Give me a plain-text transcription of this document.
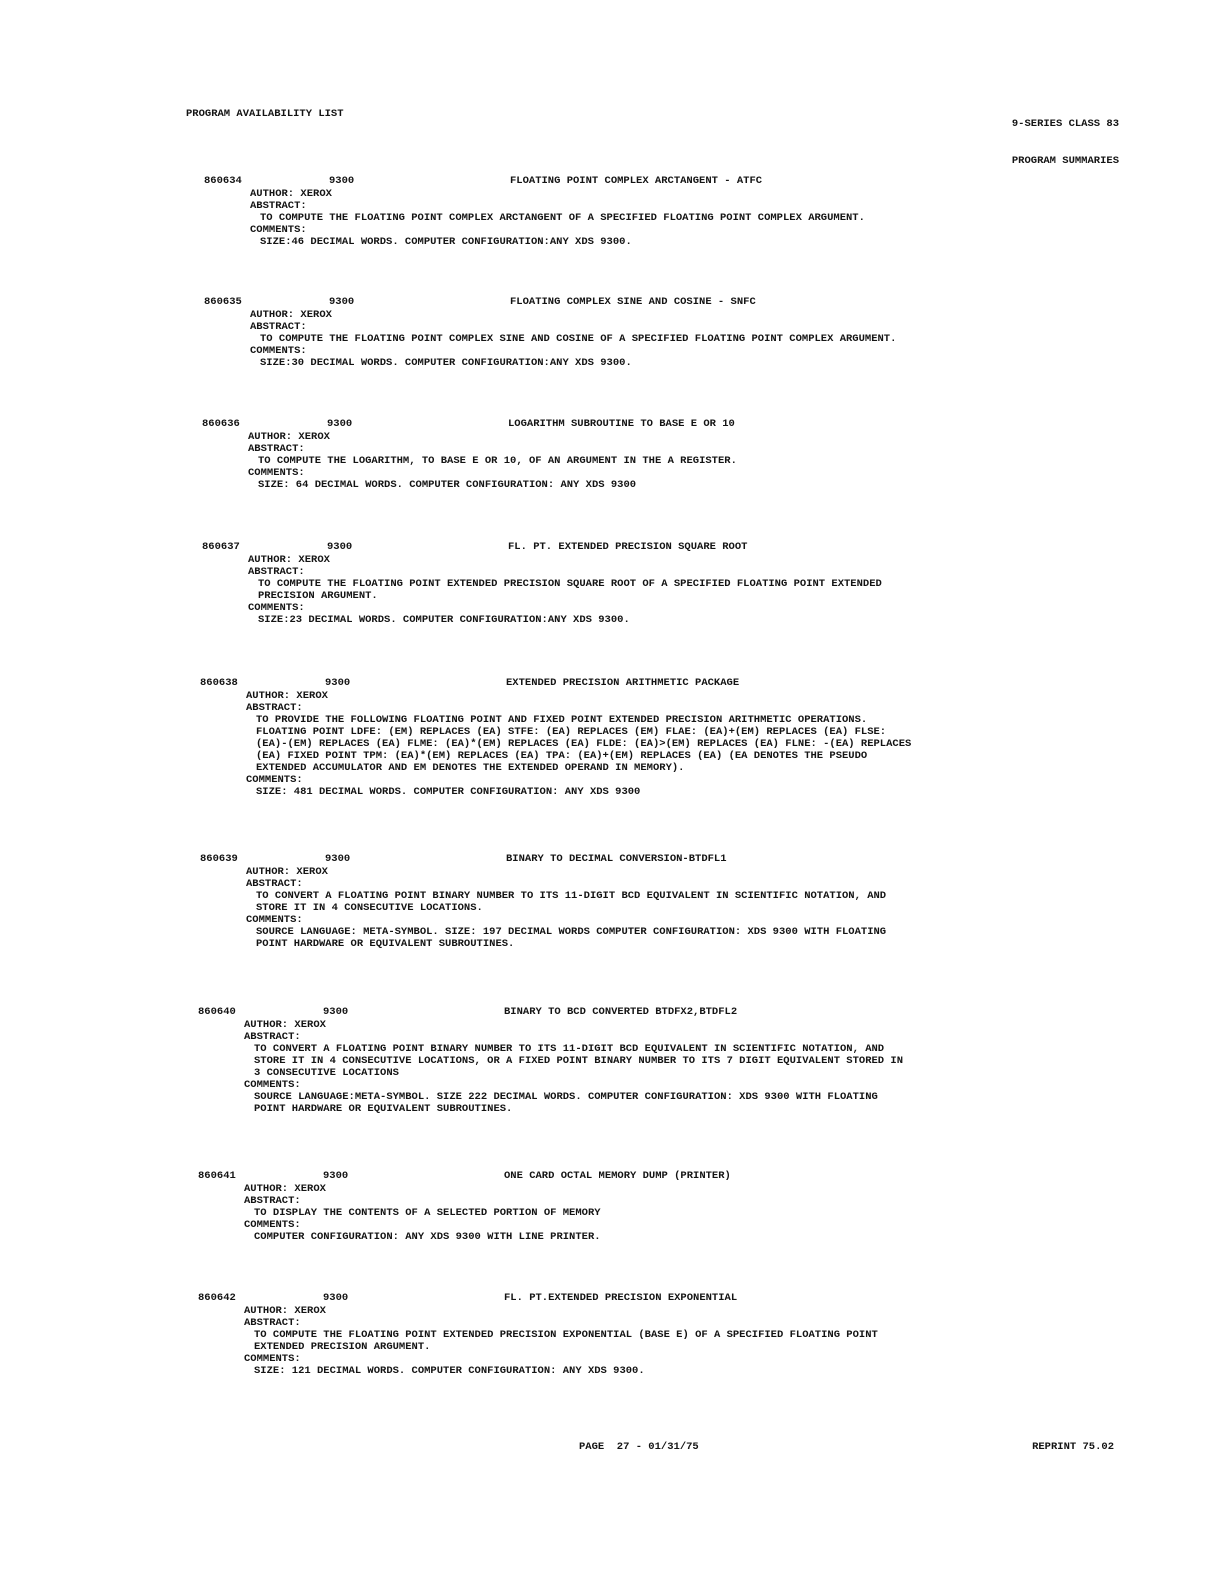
PROGRAM AVAILABILITY LIST

9-SERIES CLASS 83

PROGRAM SUMMARIES

860634	9300	FLOATING POINT COMPLEX ARCTANGENT - ATFC
AUTHOR: XEROX
ABSTRACT:
TO COMPUTE THE FLOATING POINT COMPLEX ARCTANGENT OF A SPECIFIED FLOATING POINT COMPLEX ARGUMENT.
COMMENTS:
SIZE:46 DECIMAL WORDS. COMPUTER CONFIGURATION:ANY XDS 9300.
860635	9300	FLOATING COMPLEX SINE AND COSINE - SNFC
AUTHOR: XEROX
ABSTRACT:
TO COMPUTE THE FLOATING POINT COMPLEX SINE AND COSINE OF A SPECIFIED FLOATING POINT COMPLEX ARGUMENT.
COMMENTS:
SIZE:30 DECIMAL WORDS. COMPUTER CONFIGURATION:ANY XDS 9300.
860636	9300	LOGARITHM SUBROUTINE TO BASE E OR 10
AUTHOR: XEROX
ABSTRACT:
TO COMPUTE THE LOGARITHM, TO BASE E OR 10, OF AN ARGUMENT IN THE A REGISTER.
COMMENTS:
SIZE: 64 DECIMAL WORDS. COMPUTER CONFIGURATION: ANY XDS 9300
860637	9300	FL. PT. EXTENDED PRECISION SQUARE ROOT
AUTHOR: XEROX
ABSTRACT:
TO COMPUTE THE FLOATING POINT EXTENDED PRECISION SQUARE ROOT OF A SPECIFIED FLOATING POINT EXTENDED
PRECISION ARGUMENT.
COMMENTS:
SIZE:23 DECIMAL WORDS. COMPUTER CONFIGURATION:ANY XDS 9300.
860638	9300	EXTENDED PRECISION ARITHMETIC PACKAGE
AUTHOR: XEROX
ABSTRACT:
TO PROVIDE THE FOLLOWING FLOATING POINT AND FIXED POINT EXTENDED PRECISION ARITHMETIC OPERATIONS.
FLOATING POINT LDFE: (EM) REPLACES (EA) STFE: (EA) REPLACES (EM) FLAE: (EA)+(EM) REPLACES (EA) FLSE:
(EA)-(EM) REPLACES (EA) FLME: (EA)*(EM) REPLACES (EA) FLDE: (EA)>(EM) REPLACES (EA) FLNE: -(EA) REPLACES
(EA) FIXED POINT TPM: (EA)*(EM) REPLACES (EA) TPA: (EA)+(EM) REPLACES (EA) (EA DENOTES THE PSEUDO
EXTENDED ACCUMULATOR AND EM DENOTES THE EXTENDED OPERAND IN MEMORY).
COMMENTS:
SIZE: 481 DECIMAL WORDS. COMPUTER CONFIGURATION: ANY XDS 9300
860639	9300	BINARY TO DECIMAL CONVERSION-BTDFL1
AUTHOR: XEROX
ABSTRACT:
TO CONVERT A FLOATING POINT BINARY NUMBER TO ITS 11-DIGIT BCD EQUIVALENT IN SCIENTIFIC NOTATION, AND
STORE IT IN 4 CONSECUTIVE LOCATIONS.
COMMENTS:
SOURCE LANGUAGE: META-SYMBOL. SIZE: 197 DECIMAL WORDS COMPUTER CONFIGURATION: XDS 9300 WITH FLOATING
POINT HARDWARE OR EQUIVALENT SUBROUTINES.
860640	9300	BINARY TO BCD CONVERTED BTDFX2,BTDFL2
AUTHOR: XEROX
ABSTRACT:
TO CONVERT A FLOATING POINT BINARY NUMBER TO ITS 11-DIGIT BCD EQUIVALENT IN SCIENTIFIC NOTATION, AND
STORE IT IN 4 CONSECUTIVE LOCATIONS, OR A FIXED POINT BINARY NUMBER TO ITS 7 DIGIT EQUIVALENT STORED IN
3 CONSECUTIVE LOCATIONS
COMMENTS:
SOURCE LANGUAGE:META-SYMBOL. SIZE 222 DECIMAL WORDS. COMPUTER CONFIGURATION: XDS 9300 WITH FLOATING
POINT HARDWARE OR EQUIVALENT SUBROUTINES.
860641	9300	ONE CARD OCTAL MEMORY DUMP (PRINTER)
AUTHOR: XEROX
ABSTRACT:
TO DISPLAY THE CONTENTS OF A SELECTED PORTION OF MEMORY
COMMENTS:
COMPUTER CONFIGURATION: ANY XDS 9300 WITH LINE PRINTER.
860642	9300	FL. PT.EXTENDED PRECISION EXPONENTIAL
AUTHOR: XEROX
ABSTRACT:
TO COMPUTE THE FLOATING POINT EXTENDED PRECISION EXPONENTIAL (BASE E) OF A SPECIFIED FLOATING POINT
EXTENDED PRECISION ARGUMENT.
COMMENTS:
SIZE: 121 DECIMAL WORDS. COMPUTER CONFIGURATION: ANY XDS 9300.
PAGE  27 - 01/31/75	REPRINT 75.02
